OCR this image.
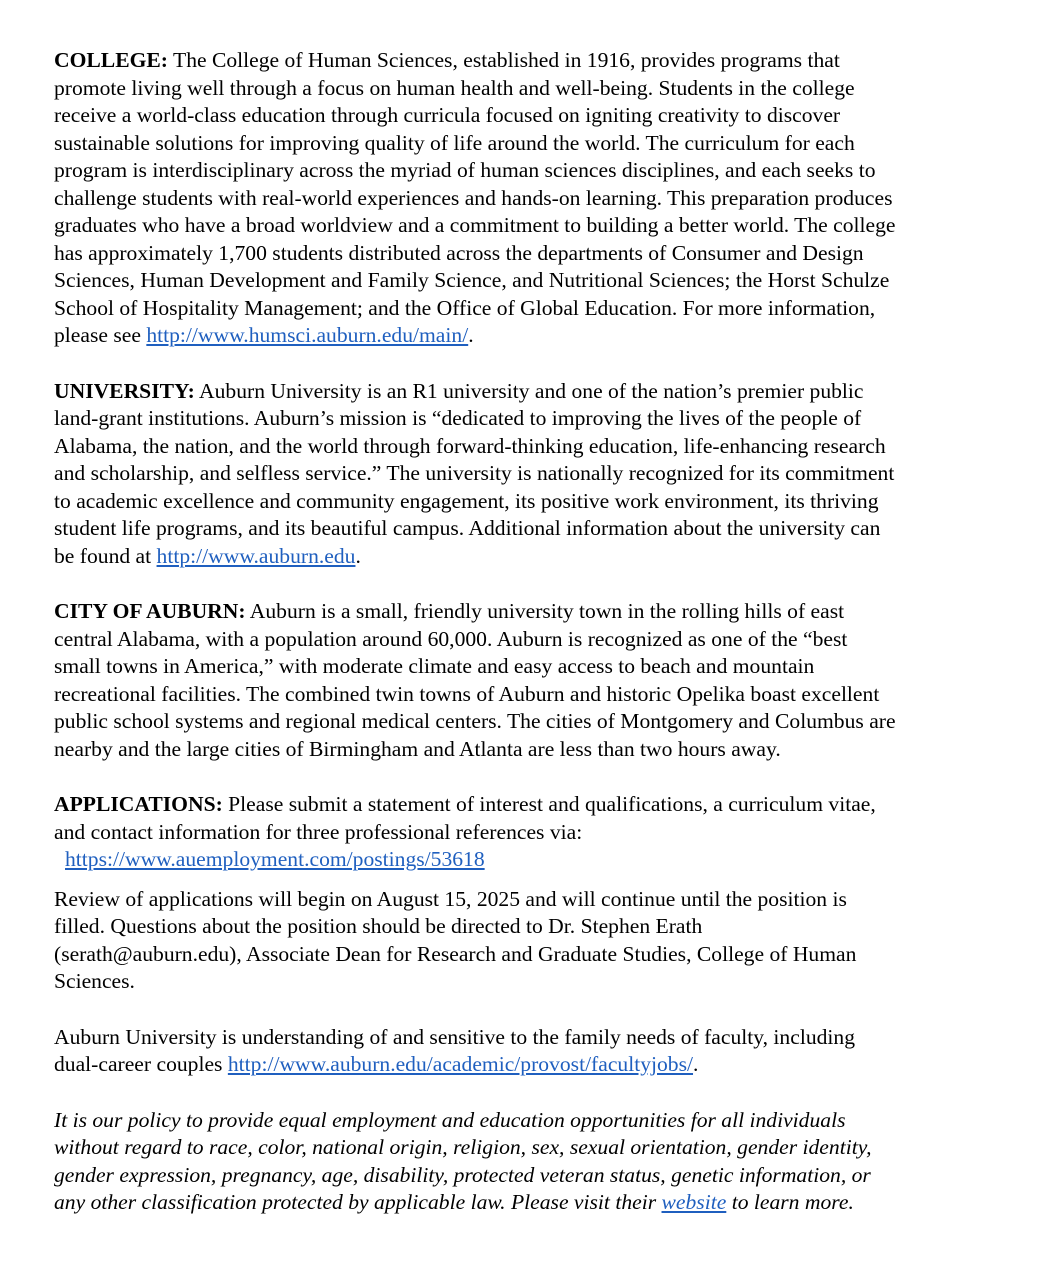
COLLEGE: The College of Human Sciences, established in 1916, provides programs that
promote living well through a focus on human health and well-being. Students in the college
receive a world-class education through curricula focused on igniting creativity to discover
sustainable solutions for improving quality of life around the world. The curriculum for each
program is interdisciplinary across the myriad of human sciences disciplines, and each seeks to
challenge students with real-world experiences and hands-on learning. This preparation produces
graduates who have a broad worldview and a commitment to building a better world. The college
has approximately 1,700 students distributed across the departments of Consumer and Design
Sciences, Human Development and Family Science, and Nutritional Sciences; the Horst Schulze
School of Hospitality Management; and the Office of Global Education. For more information,
please see http://www.humsci.auburn.edu/main/.

UNIVERSITY: Auburn University is an R1 university and one of the nation’s premier public
land-grant institutions. Auburn’s mission is “dedicated to improving the lives of the people of
Alabama, the nation, and the world through forward-thinking education, life-enhancing research
and scholarship, and selfless service.” The university is nationally recognized for its commitment
to academic excellence and community engagement, its positive work environment, its thriving
student life programs, and its beautiful campus. Additional information about the university can
be found at http://www.auburn.edu.

CITY OF AUBURN: Auburn is a small, friendly university town in the rolling hills of east
central Alabama, with a population around 60,000. Auburn is recognized as one of the “best
small towns in America,” with moderate climate and easy access to beach and mountain
recreational facilities. The combined twin towns of Auburn and historic Opelika boast excellent
public school systems and regional medical centers. The cities of Montgomery and Columbus are
nearby and the large cities of Birmingham and Atlanta are less than two hours away.

APPLICATIONS: Please submit a statement of interest and qualifications, a curriculum vitae,
and contact information for three professional references via:
https://www.auemployment.com/postings/53618

Review of applications will begin on August 15, 2025 and will continue until the position is
filled. Questions about the position should be directed to Dr. Stephen Erath
(serath@auburn.edu), Associate Dean for Research and Graduate Studies, College of Human
Sciences.

Auburn University is understanding of and sensitive to the family needs of faculty, including
dual-career couples http://www.auburn.edu/academic/provost/facultyjobs/.

It is our policy to provide equal employment and education opportunities for all individuals
without regard to race, color, national origin, religion, sex, sexual orientation, gender identity,
gender expression, pregnancy, age, disability, protected veteran status, genetic information, or
any other classification protected by applicable law. Please visit their website to learn more.
